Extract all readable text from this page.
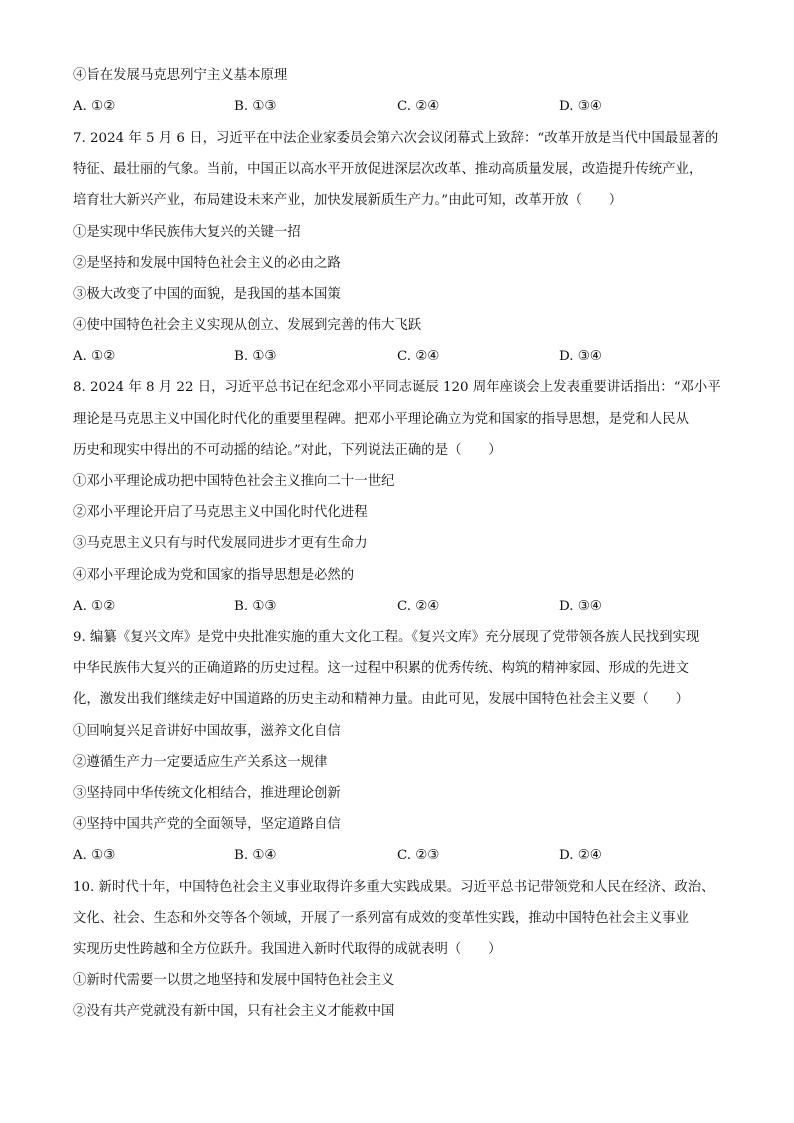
④旨在发展马克思列宁主义基本原理
A. ①②	B. ①③	C. ②④	D. ③④
7. 2024 年 5 月 6 日，习近平在中法企业家委员会第六次会议闭幕式上致辞：“改革开放是当代中国最显著的
特征、最壮丽的气象。当前，中国正以高水平开放促进深层次改革、推动高质量发展，改造提升传统产业，
培育壮大新兴产业，布局建设未来产业，加快发展新质生产力。”由此可知，改革开放（　　）
①是实现中华民族伟大复兴的关键一招
②是坚持和发展中国特色社会主义的必由之路
③极大改变了中国的面貌，是我国的基本国策
④使中国特色社会主义实现从创立、发展到完善的伟大飞跃
A. ①②	B. ①③	C. ②④	D. ③④
8. 2024 年 8 月 22 日，习近平总书记在纪念邓小平同志诞辰 120 周年座谈会上发表重要讲话指出：“邓小平
理论是马克思主义中国化时代化的重要里程碑。把邓小平理论确立为党和国家的指导思想，是党和人民从
历史和现实中得出的不可动摇的结论。”对此，下列说法正确的是（　　）
①邓小平理论成功把中国特色社会主义推向二十一世纪
②邓小平理论开启了马克思主义中国化时代化进程
③马克思主义只有与时代发展同进步才更有生命力
④邓小平理论成为党和国家的指导思想是必然的
A. ①②	B. ①③	C. ②④	D. ③④
9. 编纂《复兴文库》是党中央批准实施的重大文化工程。《复兴文库》充分展现了党带领各族人民找到实现
中华民族伟大复兴的正确道路的历史过程。这一过程中积累的优秀传统、构筑的精神家园、形成的先进文
化，激发出我们继续走好中国道路的历史主动和精神力量。由此可见，发展中国特色社会主义要（　　）
①回响复兴足音讲好中国故事，滋养文化自信
②遵循生产力一定要适应生产关系这一规律
③坚持同中华传统文化相结合，推进理论创新
④坚持中国共产党的全面领导，坚定道路自信
A. ①③	B. ①④	C. ②③	D. ②④
10. 新时代十年，中国特色社会主义事业取得许多重大实践成果。习近平总书记带领党和人民在经济、政治、
文化、社会、生态和外交等各个领域，开展了一系列富有成效的变革性实践，推动中国特色社会主义事业
实现历史性跨越和全方位跃升。我国进入新时代取得的成就表明（　　）
①新时代需要一以贯之地坚持和发展中国特色社会主义
②没有共产党就没有新中国，只有社会主义才能救中国
